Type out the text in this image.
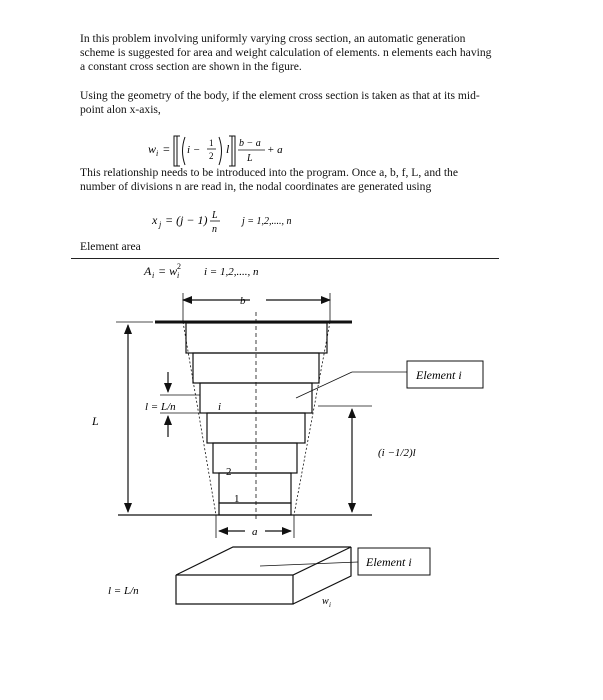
In this problem involving uniformly varying cross section, an automatic generation
scheme is suggested for area and weight calculation of elements. n elements each having
a constant cross section are shown in the figure.
Using the geometry of the body, if the element cross section is taken as that at its mid-
point alon x-axis,
w i = i −
1
2 l b − a
L
+ a
This relationship needs to be introduced into the program. Once a, b, f, L, and the
number of divisions n are read in, the nodal coordinates are generated using
x j = (j − 1) L
n
j = 1,2,...., n
Element area
A i = w i
2 i = 1,2,...., n
b
L
l = L/n	i
Element i
(i −1/2)l
2
1
a
Element i
l = L/n
w i
